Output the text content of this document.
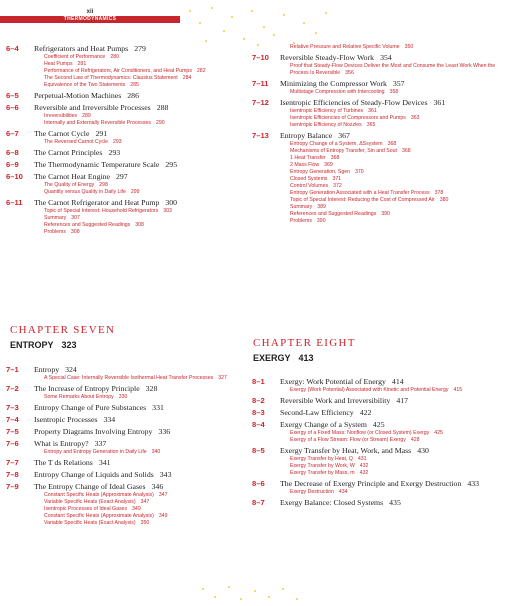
xii
THERMODYNAMICS
6–4 Refrigerators and Heat Pumps 279
Coefficient of Performance 280
Heat Pumps 281
Performance of Refrigerators, Air Conditioners, and Heat Pumps 282
The Second Law of Thermodynamics: Clausius Statement 284
Equivalence of the Two Statements 285
6–5 Perpetual-Motion Machines 286
6–6 Reversible and Irreversible Processes 288
Irreversibilities 289
Internally and Externally Reversible Processes 290
6–7 The Carnot Cycle 291
The Reversed Carnot Cycle 293
6–8 The Carnot Principles 293
6–9 The Thermodynamic Temperature Scale 295
6–10 The Carnot Heat Engine 297
The Quality of Energy 298
Quantity versus Quality in Daily Life 299
6–11 The Carnot Refrigerator and Heat Pump 300
Topic of Special Interest: Household Refrigerators 303
Summary 307
References and Suggested Readings 308
Problems 308
CHAPTER SEVEN
ENTROPY 323
7–1 Entropy 324
A Special Case: Internally Reversible Isothermal Heat Transfer Processes 327
7–2 The Increase of Entropy Principle 328
Some Remarks About Entropy 330
7–3 Entropy Change of Pure Substances 331
7–4 Isentropic Processes 334
7–5 Property Diagrams Involving Entropy 336
7–6 What is Entropy? 337
Entropy and Entropy Generation in Daily Life 340
7–7 The T ds Relations 341
7–8 Entropy Change of Liquids and Solids 343
7–9 The Entropy Change of Ideal Gases 346
Constant Specific Heats (Approximate Analysis) 347
Variable Specific Heats (Exact Analysis) 347
Isentropic Processes of Ideal Gases 349
Constant Specific Heats (Approximate Analysis) 349
Variable Specific Heats (Exact Analysis) 350
Relative Pressure and Relative Specific Volume 350
7–10 Reversible Steady-Flow Work 354
Proof that Steady-Flow Devices Deliver the Most and Consume the Least Work When the Process Is Reversible 356
7–11 Minimizing the Compressor Work 357
Multistage Compression with Intercooling 358
7–12 Isentropic Efficiencies of Steady-Flow Devices 361
Isentropic Efficiency of Turbines 361
Isentropic Efficiencies of Compressors and Pumps 363
Isentropic Efficiency of Nozzles 365
7–13 Entropy Balance 367
Entropy Change of a System, ΔSsystem 368
Mechanisms of Entropy Transfer, Sin and Sout 368
1 Heat Transfer 368
2 Mass Flow 369
Entropy Generation, Sgen 370
Closed Systems 371
Control Volumes 372
Entropy Generation Associated with a Heat Transfer Process 378
Topic of Special Interest: Reducing the Cost of Compressed Air 380
Summary 389
References and Suggested Readings 390
Problems 390
CHAPTER EIGHT
EXERGY 413
8–1 Exergy: Work Potential of Energy 414
Exergy (Work Potential) Associated with Kinetic and Potential Energy 415
8–2 Reversible Work and Irreversibility 417
8–3 Second-Law Efficiency 422
8–4 Exergy Change of a System 425
Exergy of a Fixed Mass: Nonflow (or Closed System) Exergy 425
Exergy of a Flow Stream: Flow (or Stream) Exergy 428
8–5 Exergy Transfer by Heat, Work, and Mass 430
Exergy Transfer by Heat, Q 431
Exergy Transfer by Work, W 432
Exergy Transfer by Mass, m 432
8–6 The Decrease of Exergy Principle and Exergy Destruction 433
Exergy Destruction 434
8–7 Exergy Balance: Closed Systems 435
